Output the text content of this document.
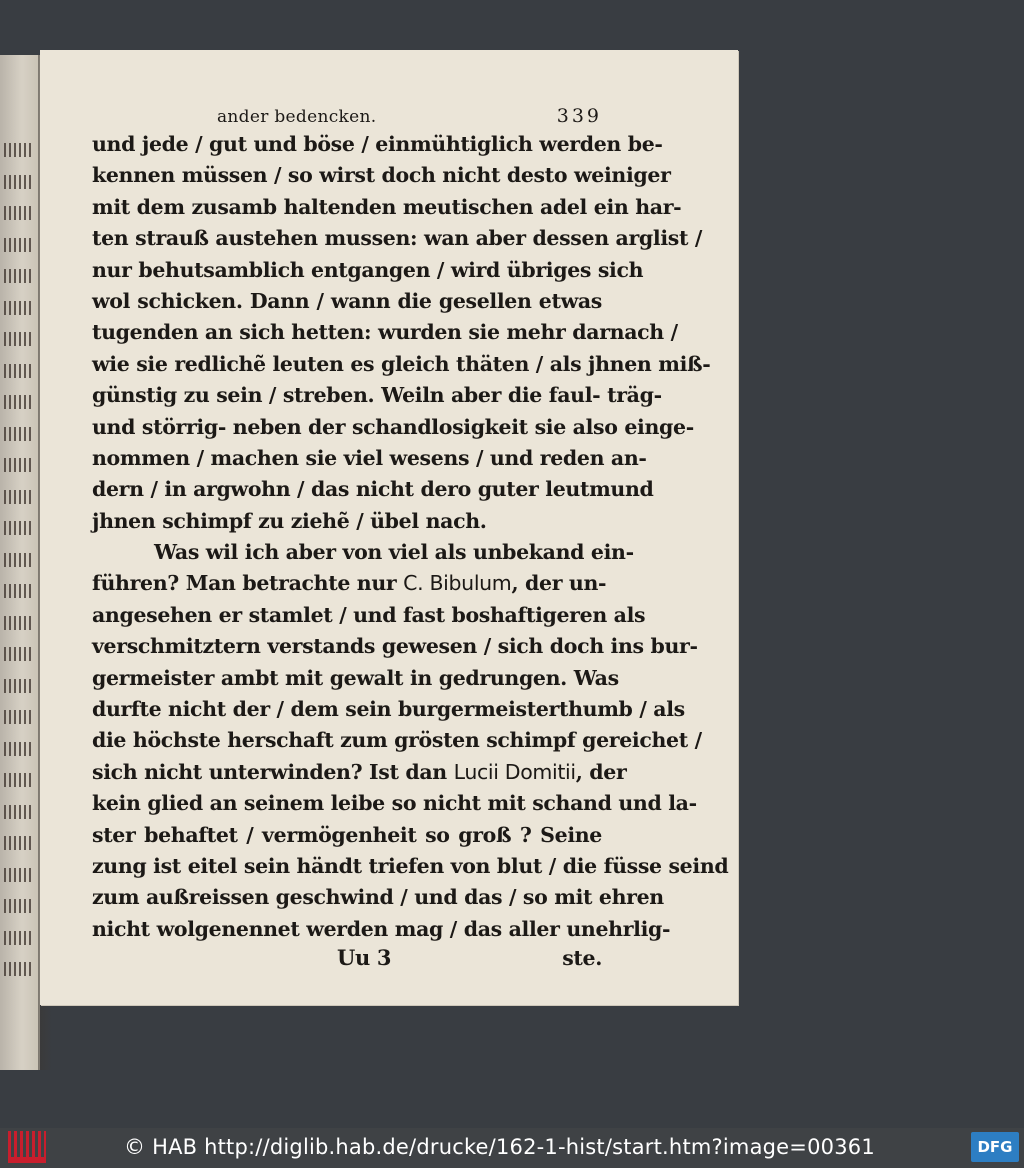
ander bedencken.	339
und jede / gut und böse / einmühtiglich werden be-
kennen müssen / so wirst doch nicht desto weiniger
mit dem zusamb haltenden meutischen adel ein har-
ten strauß austehen mussen: wan aber dessen arglist /
nur behutsamblich entgangen / wird übriges sich
wol schicken. Dann / wann die gesellen etwas
tugenden an sich hetten: wurden sie mehr darnach /
wie sie redlichẽ leuten es gleich thäten / als jhnen miß-
günstig zu sein / streben. Weiln aber die faul- träg-
und störrig- neben der schandlosigkeit sie also einge-
nommen / machen sie viel wesens / und reden an-
dern / in argwohn / das nicht dero guter leutmund
jhnen schimpf zu ziehẽ / übel nach.
Was wil ich aber von viel als unbekand ein-
führen? Man betrachte nur C. Bibulum, der un-
angesehen er stamlet / und fast boshaftigeren als
verschmitztern verstands gewesen / sich doch ins bur-
germeister ambt mit gewalt in gedrungen. Was
durfte nicht der / dem sein burgermeisterthumb / als
die höchste herschaft zum grösten schimpf gereichet /
sich nicht unterwinden? Ist dan Lucii Domitii, der
kein glied an seinem leibe so nicht mit schand und la-
ster behaftet / vermögenheit so groß ? Seine
zung ist eitel sein händt triefen von blut / die füsse seind
zum außreissen geschwind / und das / so mit ehren
nicht wolgenennet werden mag / das aller unehrlig-
Uu 3	ste.
© HAB http://diglib.hab.de/drucke/162-1-hist/start.htm?image=00361	DFG
